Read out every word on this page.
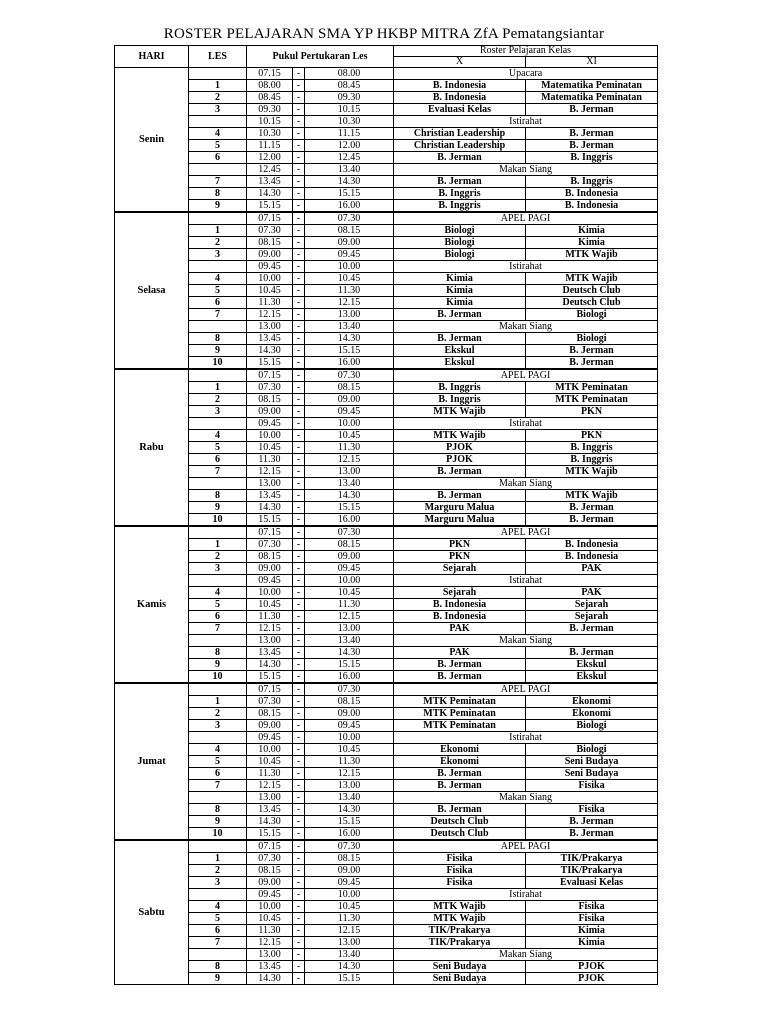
ROSTER PELAJARAN SMA YP HKBP MITRA ZfA Pematangsiantar
HARI	LES	Pukul Pertukaran Les			Roster Pelajaran Kelas	
					X	XI
Senin		07.15	-	08.00	Upacara	
	1	08.00	-	08.45	B. Indonesia	Matematika Peminatan
	2	08.45	-	09.30	B. Indonesia	Matematika Peminatan
	3	09.30	-	10.15	Evaluasi Kelas	B. Jerman
		10.15	-	10.30	Istirahat	
	4	10.30	-	11.15	Christian Leadership	B. Jerman
	5	11.15	-	12.00	Christian Leadership	B. Jerman
	6	12.00	-	12.45	B. Jerman	B. Inggris
		12.45	-	13.40	Makan Siang	
	7	13.45	-	14.30	B. Jerman	B. Inggris
	8	14.30	-	15.15	B. Inggris	B. Indonesia
	9	15.15	-	16.00	B. Inggris	B. Indonesia
Selasa		07.15	-	07.30	APEL PAGI	
	1	07.30	-	08.15	Biologi	Kimia
	2	08.15	-	09.00	Biologi	Kimia
	3	09.00	-	09.45	Biologi	MTK Wajib
		09.45	-	10.00	Istirahat	
	4	10.00	-	10.45	Kimia	MTK Wajib
	5	10.45	-	11.30	Kimia	Deutsch Club
	6	11.30	-	12.15	Kimia	Deutsch Club
	7	12.15	-	13.00	B. Jerman	Biologi
		13.00	-	13.40	Makan Siang	
	8	13.45	-	14.30	B. Jerman	Biologi
	9	14.30	-	15.15	Ekskul	B. Jerman
	10	15.15	-	16.00	Ekskul	B. Jerman
Rabu		07.15	-	07.30	APEL PAGI	
	1	07.30	-	08.15	B. Inggris	MTK Peminatan
	2	08.15	-	09.00	B. Inggris	MTK Peminatan
	3	09.00	-	09.45	MTK Wajib	PKN
		09.45	-	10.00	Istirahat	
	4	10.00	-	10.45	MTK Wajib	PKN
	5	10.45	-	11.30	PJOK	B. Inggris
	6	11.30	-	12.15	PJOK	B. Inggris
	7	12.15	-	13.00	B. Jerman	MTK Wajib
		13.00	-	13.40	Makan Siang	
	8	13.45	-	14.30	B. Jerman	MTK Wajib
	9	14.30	-	15.15	Marguru Malua	B. Jerman
	10	15.15	-	16.00	Marguru Malua	B. Jerman
Kamis		07.15	-	07.30	APEL PAGI	
	1	07.30	-	08.15	PKN	B. Indonesia
	2	08.15	-	09.00	PKN	B. Indonesia
	3	09.00	-	09.45	Sejarah	PAK
		09.45	-	10.00	Istirahat	
	4	10.00	-	10.45	Sejarah	PAK
	5	10.45	-	11.30	B. Indonesia	Sejarah
	6	11.30	-	12.15	B. Indonesia	Sejarah
	7	12.15	-	13.00	PAK	B. Jerman
		13.00	-	13.40	Makan Siang	
	8	13.45	-	14.30	PAK	B. Jerman
	9	14.30	-	15.15	B. Jerman	Ekskul
	10	15.15	-	16.00	B. Jerman	Ekskul
Jumat		07.15	-	07.30	APEL PAGI	
	1	07.30	-	08.15	MTK Peminatan	Ekonomi
	2	08.15	-	09.00	MTK Peminatan	Ekonomi
	3	09.00	-	09.45	MTK Peminatan	Biologi
		09.45	-	10.00	Istirahat	
	4	10.00	-	10.45	Ekonomi	Biologi
	5	10.45	-	11.30	Ekonomi	Seni Budaya
	6	11.30	-	12.15	B. Jerman	Seni Budaya
	7	12.15	-	13.00	B. Jerman	Fisika
		13.00	-	13.40	Makan Siang	
	8	13.45	-	14.30	B. Jerman	Fisika
	9	14.30	-	15.15	Deutsch Club	B. Jerman
	10	15.15	-	16.00	Deutsch Club	B. Jerman
Sabtu		07.15	-	07.30	APEL PAGI	
	1	07.30	-	08.15	Fisika	TIK/Prakarya
	2	08.15	-	09.00	Fisika	TIK/Prakarya
	3	09.00	-	09.45	Fisika	Evaluasi Kelas
		09.45	-	10.00	Istirahat	
	4	10.00	-	10.45	MTK Wajib	Fisika
	5	10.45	-	11.30	MTK Wajib	Fisika
	6	11.30	-	12.15	TIK/Prakarya	Kimia
	7	12.15	-	13.00	TIK/Prakarya	Kimia
		13.00	-	13.40	Makan Siang	
	8	13.45	-	14.30	Seni Budaya	PJOK
	9	14.30	-	15.15	Seni Budaya	PJOK
